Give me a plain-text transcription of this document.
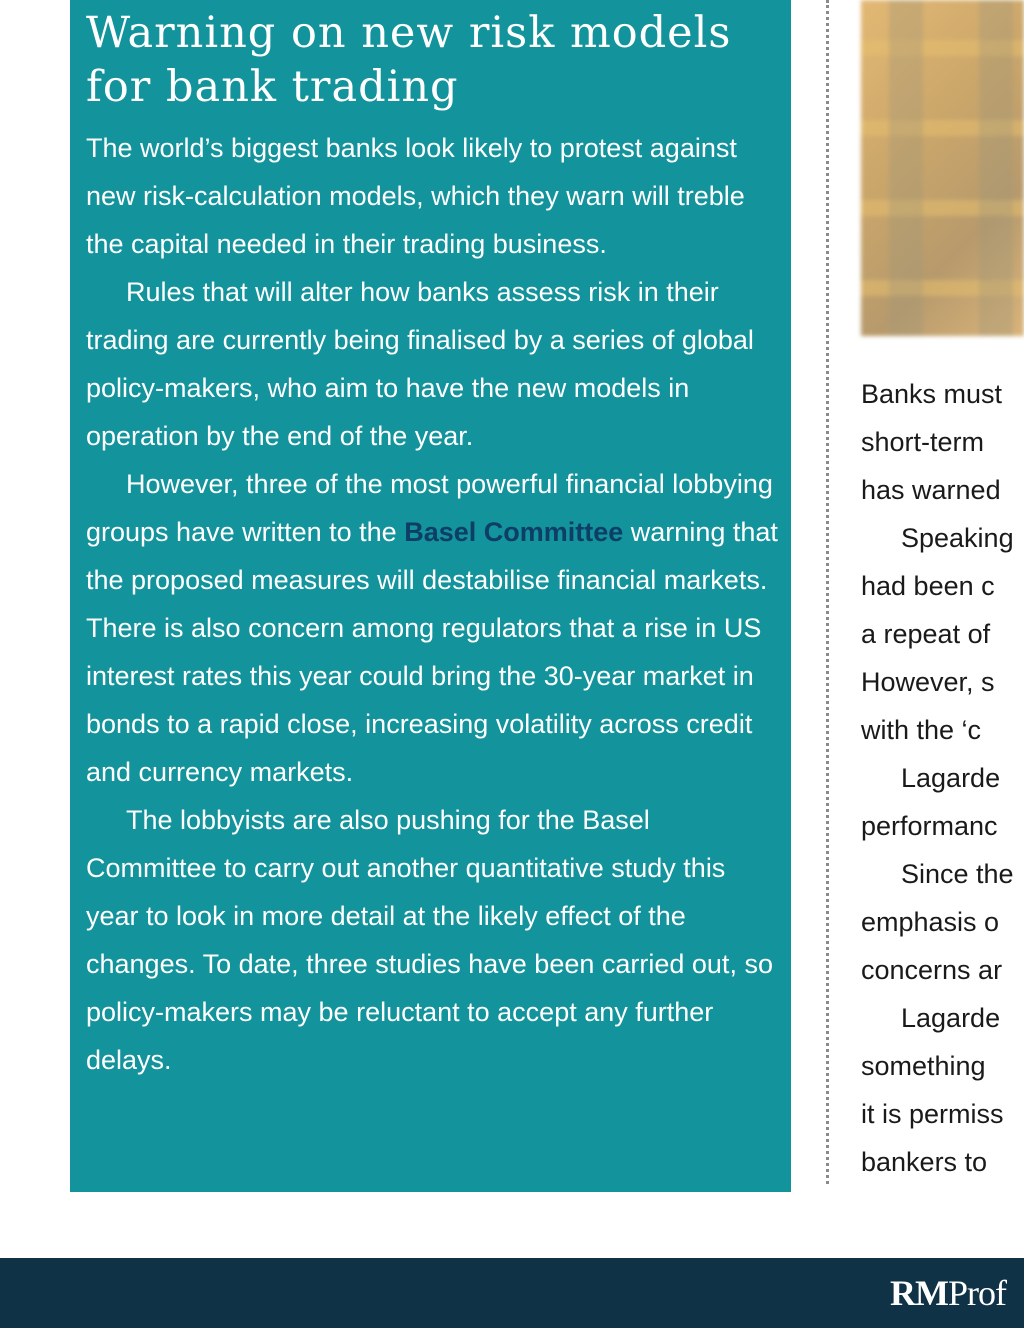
Warning on new risk models for bank trading

The world’s biggest banks look likely to protest against new risk-calculation models, which they warn will treble the capital needed in their trading business.

Rules that will alter how banks assess risk in their trading are currently being finalised by a series of global policy-makers, who aim to have the new models in operation by the end of the year.

However, three of the most powerful financial lobbying groups have written to the Basel Committee warning that the proposed measures will destabilise financial markets. There is also concern among regulators that a rise in US interest rates this year could bring the 30-year market in bonds to a rapid close, increasing volatility across credit and currency markets.

The lobbyists are also pushing for the Basel Committee to carry out another quantitative study this year to look in more detail at the likely effect of the changes. To date, three studies have been carried out, so policy-makers may be reluctant to accept any further delays.

Banks must

short-term

has warned

Speaking

had been c

a repeat of

However, s

with the ‘c

Lagarde

performanc

Since the

emphasis o

concerns ar

Lagarde

something

it is permiss

bankers to

RMProf
